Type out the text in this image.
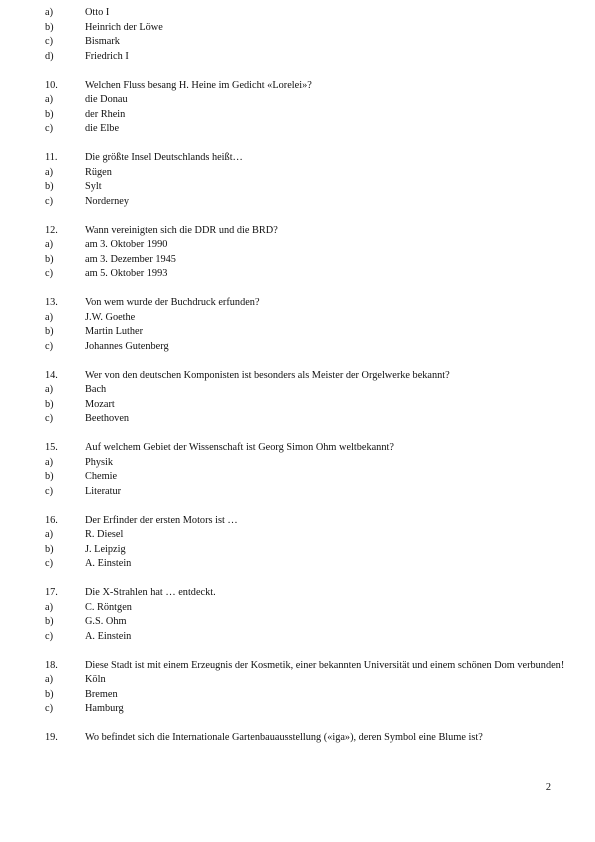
a)	Otto I
b)	Heinrich der Löwe
c)	Bismark
d)	Friedrich I
10.	Welchen Fluss besang H. Heine im Gedicht «Lorelei»?
a)	die Donau
b)	der Rhein
c)	die Elbe
11.	Die größte Insel Deutschlands heißt…
a)	Rügen
b)	Sylt
c)	Norderney
12.	Wann vereinigten sich die DDR und die BRD?
a)	am 3. Oktober 1990
b)	am 3. Dezember 1945
c)	am 5. Oktober 1993
13.	Von wem wurde der Buchdruck erfunden?
a)	J.W. Goethe
b)	Martin Luther
c)	Johannes Gutenberg
14.	Wer von den deutschen Komponisten ist besonders als Meister der Orgelwerke bekannt?
a)	Bach
b)	Mozart
c)	Beethoven
15.	Auf welchem Gebiet der Wissenschaft ist Georg Simon Ohm weltbekannt?
a)	Physik
b)	Chemie
c)	Literatur
16.	Der Erfinder der ersten Motors ist …
a)	R. Diesel
b)	J. Leipzig
c)	A. Einstein
17.	Die X-Strahlen hat … entdeckt.
a)	C. Röntgen
b)	G.S. Ohm
c)	A. Einstein
18.	Diese Stadt ist mit einem Erzeugnis der Kosmetik, einer bekannten Universität und einem schönen Dom verbunden!
a)	Köln
b)	Bremen
c)	Hamburg
19.	Wo befindet sich die Internationale Gartenbauausstellung («iga»), deren Symbol eine Blume ist?
2
